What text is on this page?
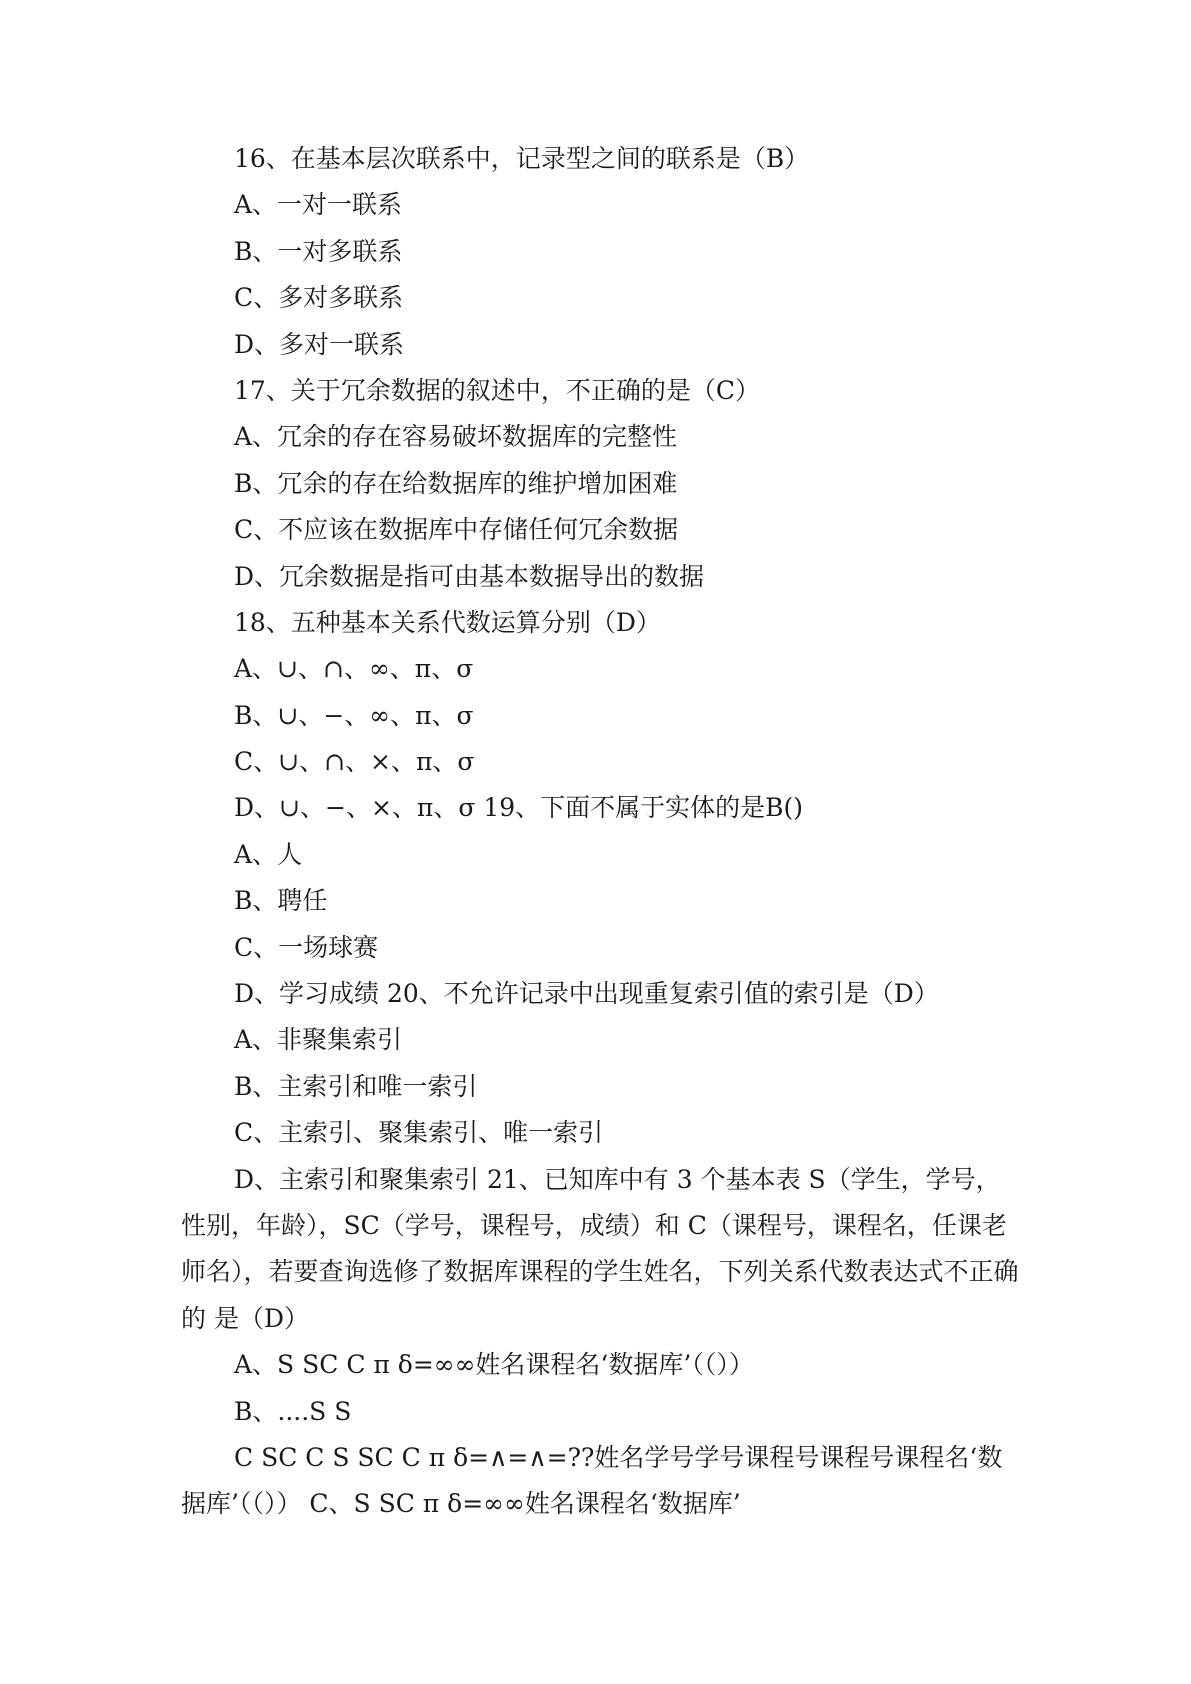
16、在基本层次联系中，记录型之间的联系是（B）
A、一对一联系
B、一对多联系
C、多对多联系
D、多对一联系
17、关于冗余数据的叙述中，不正确的是（C）
A、冗余的存在容易破坏数据库的完整性
B、冗余的存在给数据库的维护增加困难
C、不应该在数据库中存储任何冗余数据
D、冗余数据是指可由基本数据导出的数据
18、五种基本关系代数运算分别（D）
A、∪、∩、∞、π、σ
B、∪、−、∞、π、σ
C、∪、∩、×、π、σ
D、∪、−、×、π、σ 19、下面不属于实体的是B()
A、人
B、聘任
C、一场球赛
D、学习成绩 20、不允许记录中出现重复索引值的索引是（D）
A、非聚集索引
B、主索引和唯一索引
C、主索引、聚集索引、唯一索引
D、主索引和聚集索引 21、已知库中有 3 个基本表 S（学生，学号，性别，年龄），SC（学号，课程号，成绩）和 C（课程号，课程名，任课老师名），若要查询选修了数据库课程的学生姓名，下列关系代数表达式不正确的 是（D）
A、S SC C π δ=∞∞姓名课程名‘数据库’（（））
B、....S S
C SC C S SC C π δ=∧=∧=??姓名学号学号课程号课程号课程名‘数据库’（（）） C、S SC π δ=∞∞姓名课程名‘数据库’
